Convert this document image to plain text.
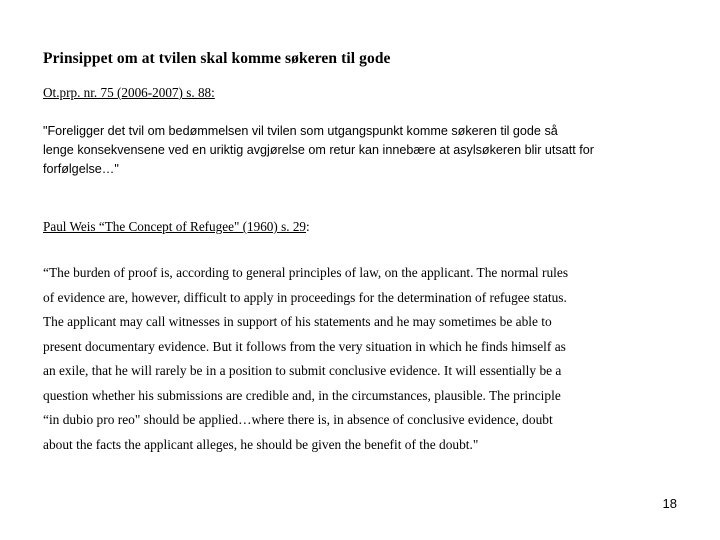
Prinsippet om at tvilen skal komme søkeren til gode
Ot.prp. nr. 75 (2006-2007) s. 88:
"Foreligger det tvil om bedømmelsen vil tvilen som utgangspunkt komme søkeren til gode så
lenge konsekvensene ved en uriktig avgjørelse om retur kan innebære at asylsøkeren blir utsatt for
forfølgelse…"
Paul Weis “The Concept of Refugee" (1960) s. 29 :
“The burden of proof is, according to general principles of law, on the applicant. The normal rules
of evidence are, however, difficult to apply in proceedings for the determination of refugee status.
The applicant may call witnesses in support of his statements and he may sometimes be able to
present documentary evidence. But it follows from the very situation in which he finds himself as
an exile, that he will rarely be in a position to submit conclusive evidence. It will essentially be a
question whether his submissions are credible and, in the circumstances, plausible. The principle
“in dubio pro reo" should be applied…where there is, in absence of conclusive evidence, doubt
about the facts the applicant alleges, he should be given the benefit of the doubt."
18
